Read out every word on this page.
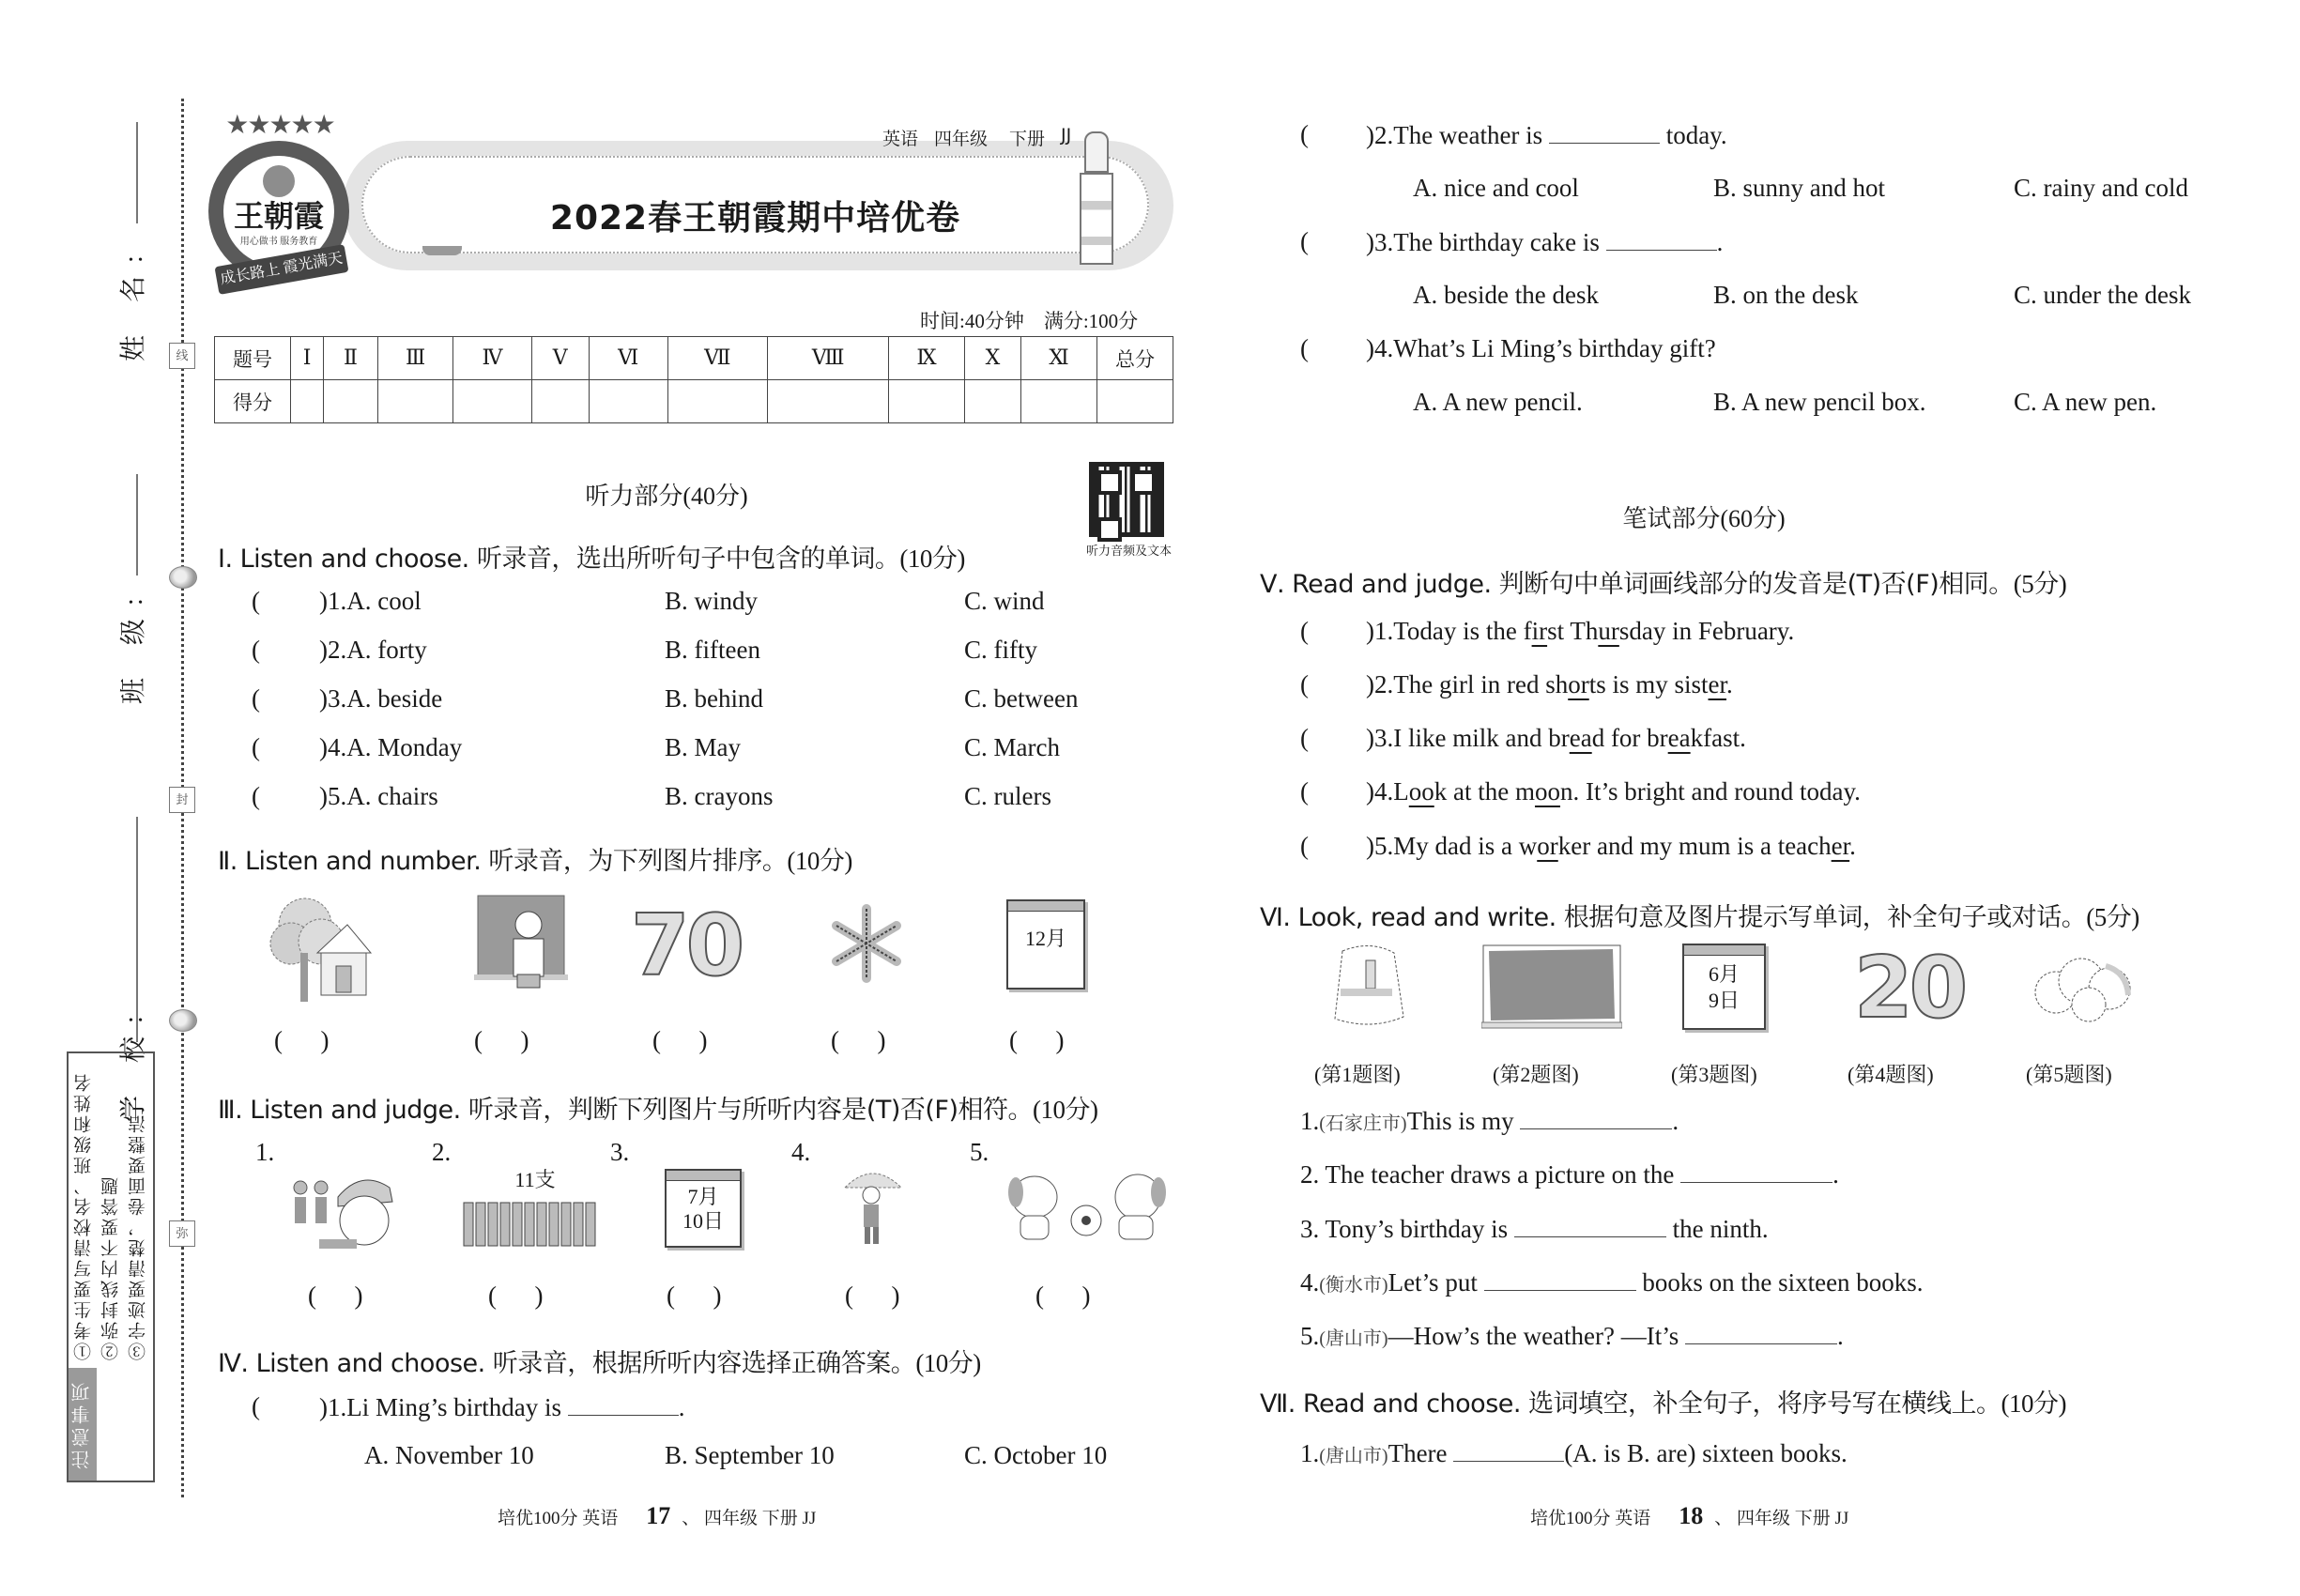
线
封
弥
姓 名:
班 级:
学 校:
注意事项
①考生要写清校名、班级和姓名 ②弥封线内不要答题 ③字迹要清楚，卷面要整洁
2022春王朝霞期中培优卷
王朝霞
用心做书 服务教育
★★★★★
成长路上 霞光满天
英语 四年级 下册 JJ
时间:40分钟 满分:100分
题号	Ⅰ	Ⅱ	Ⅲ	Ⅳ	Ⅴ	Ⅵ	Ⅶ	Ⅷ	Ⅸ	Ⅹ	Ⅺ	总分
得分												
听力部分(40分)
听力音频及文本
Ⅰ. Listen and choose. 听录音，选出所听句子中包含的单词。(10分)
( )1.A. cool	B. windy	C. wind
( )2.A. forty	B. fifteen	C. fifty
( )3.A. beside	B. behind	C. between
( )4.A. Monday	B. May	C. March
( )5.A. chairs	B. crayons	C. rulers
Ⅱ. Listen and number. 听录音，为下列图片排序。(10分)
70	12月
(      )	(      )	(      )	(      )	(      )
Ⅲ. Listen and judge. 听录音，判断下列图片与所听内容是(T)否(F)相符。(10分)
1.	2.	3.	4.	5.
11支
7月
10日
(      )	(      )	(      )	(      )	(      )
Ⅳ. Listen and choose. 听录音，根据所听内容选择正确答案。(10分)
( )1.Li Ming’s birthday is	.
A. November 10	B. September 10	C. October 10
培优100分 英语 17 、 四年级 下册 JJ
( )2.The weather is	today.
A. nice and cool	B. sunny and hot	C. rainy and cold
( )3.The birthday cake is	.
A. beside the desk	B. on the desk	C. under the desk
( )4.What’s Li Ming’s birthday gift?
A. A new pencil.	B. A new pencil box.	C. A new pen.
笔试部分(60分)
Ⅴ. Read and judge. 判断句中单词画线部分的发音是(T)否(F)相同。(5分)
( )1.Today is the first Thursday in February.
( )2.The girl in red shorts is my sister.
( )3.I like milk and bread for breakfast.
( )4.Look at the moon. It’s bright and round today.
( )5.My dad is a worker and my mum is a teacher.
Ⅵ. Look, read and write. 根据句意及图片提示写单词，补全句子或对话。(5分)
6月
9日 20
(第1题图)	(第2题图)	(第3题图)	(第4题图)	(第5题图)
1.(石家庄市)This is my	.
2. The teacher draws a picture on the	.
3. Tony’s birthday is	the ninth.
4.(衡水市)Let’s put	books on the sixteen books.
5.(唐山市)—How’s the weather? —It’s	.
Ⅶ. Read and choose. 选词填空，补全句子，将序号写在横线上。(10分)
1.(唐山市)There	(A. is B. are) sixteen books.
培优100分 英语 18 、 四年级 下册 JJ
